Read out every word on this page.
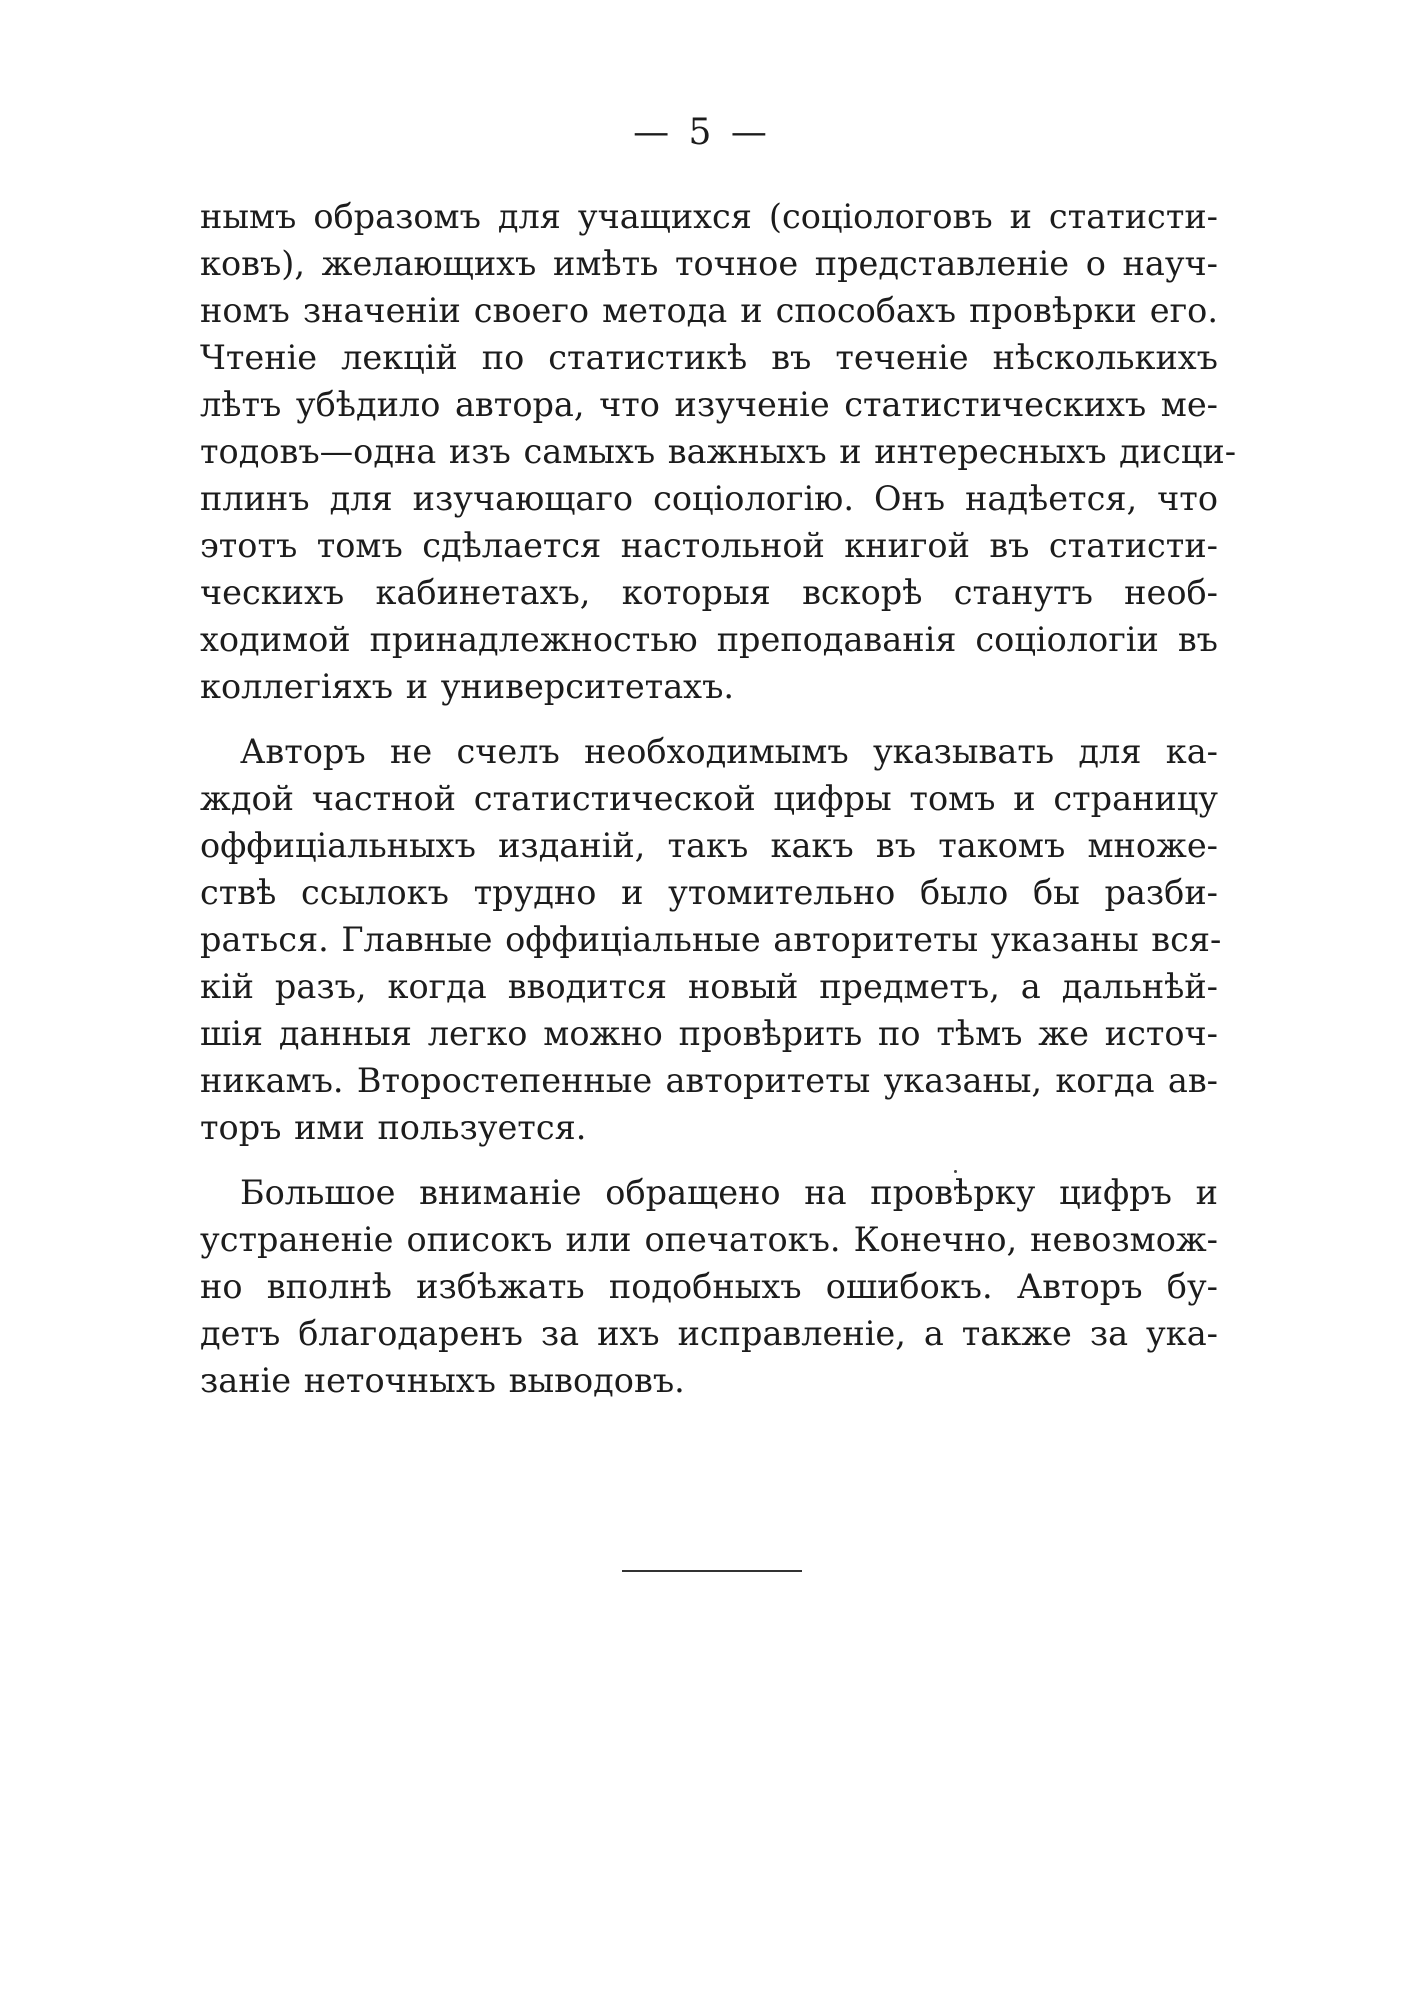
— 5 —
нымъ образомъ для учащихся (соціологовъ и статисти-
ковъ), желающихъ имѣть точное представленіе о науч-
номъ значеніи своего метода и способахъ провѣрки его.
Чтеніе лекцій по статистикѣ въ теченіе нѣсколькихъ
лѣтъ убѣдило автора, что изученіе статистическихъ ме-
тодовъ—одна изъ самыхъ важныхъ и интересныхъ дисци-
плинъ для изучающаго соціологію. Онъ надѣется, что
этотъ томъ сдѣлается настольной книгой въ статисти-
ческихъ кабинетахъ, которыя вскорѣ станутъ необ-
ходимой принадлежностью преподаванія соціологіи въ
коллегіяхъ и университетахъ.
Авторъ не счелъ необходимымъ указывать для ка-
ждой частной статистической цифры томъ и страницу
оффиціальныхъ изданій, такъ какъ въ такомъ множе-
ствѣ ссылокъ трудно и утомительно было бы разби-
раться. Главные оффиціальные авторитеты указаны вся-
кій разъ, когда вводится новый предметъ, а дальнѣй-
шія данныя легко можно провѣрить по тѣмъ же источ-
никамъ. Второстепенные авторитеты указаны, когда ав-
торъ ими пользуется.
Большое вниманіе обращено на провѣрку цифръ и
устраненіе описокъ или опечатокъ. Конечно, невозмож-
но вполнѣ избѣжать подобныхъ ошибокъ. Авторъ бу-
детъ благодаренъ за ихъ исправленіе, а также за ука-
заніе неточныхъ выводовъ.
